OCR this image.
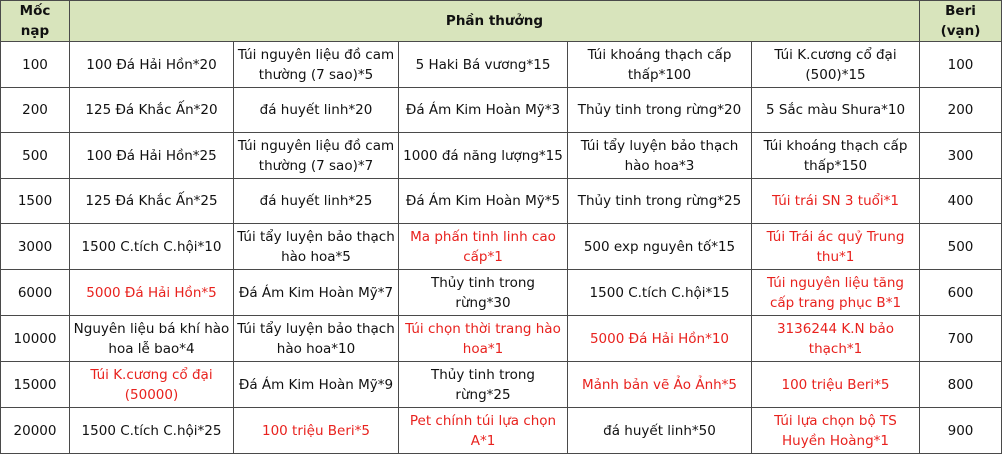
Mốc nạp	Phần thưởng					Beri (vạn)
100	100 Đá Hải Hồn*20	Túi nguyên liệu đồ cam thường (7 sao)*5	5 Haki Bá vương*15	Túi khoáng thạch cấp thấp*100	Túi K.cương cổ đại (500)*15	100
200	125 Đá Khắc Ấn*20	đá huyết linh*20	Đá Ám Kim Hoàn Mỹ*3	Thủy tinh trong rừng*20	5 Sắc màu Shura*10	200
500	100 Đá Hải Hồn*25	Túi nguyên liệu đồ cam thường (7 sao)*7	1000 đá năng lượng*15	Túi tẩy luyện bảo thạch hào hoa*3	Túi khoáng thạch cấp thấp*150	300
1500	125 Đá Khắc Ấn*25	đá huyết linh*25	Đá Ám Kim Hoàn Mỹ*5	Thủy tinh trong rừng*25	Túi trái SN 3 tuổi*1	400
3000	1500 C.tích C.hội*10	Túi tẩy luyện bảo thạch hào hoa*5	Ma phấn tinh linh cao cấp*1	500 exp nguyên tố*15	Túi Trái ác quỷ Trung thu*1	500
6000	5000 Đá Hải Hồn*5	Đá Ám Kim Hoàn Mỹ*7	Thủy tinh trong rừng*30	1500 C.tích C.hội*15	Túi nguyên liệu tăng cấp trang phục B*1	600
10000	Nguyên liệu bá khí hào hoa lễ bao*4	Túi tẩy luyện bảo thạch hào hoa*10	Túi chọn thời trang hào hoa*1	5000 Đá Hải Hồn*10	3136244 K.N bảo thạch*1	700
15000	Túi K.cương cổ đại (50000)	Đá Ám Kim Hoàn Mỹ*9	Thủy tinh trong rừng*25	Mảnh bản vẽ Ảo Ảnh*5	100 triệu Beri*5	800
20000	1500 C.tích C.hội*25	100 triệu Beri*5	Pet chính túi lựa chọn A*1	đá huyết linh*50	Túi lựa chọn bộ TS Huyền Hoàng*1	900
